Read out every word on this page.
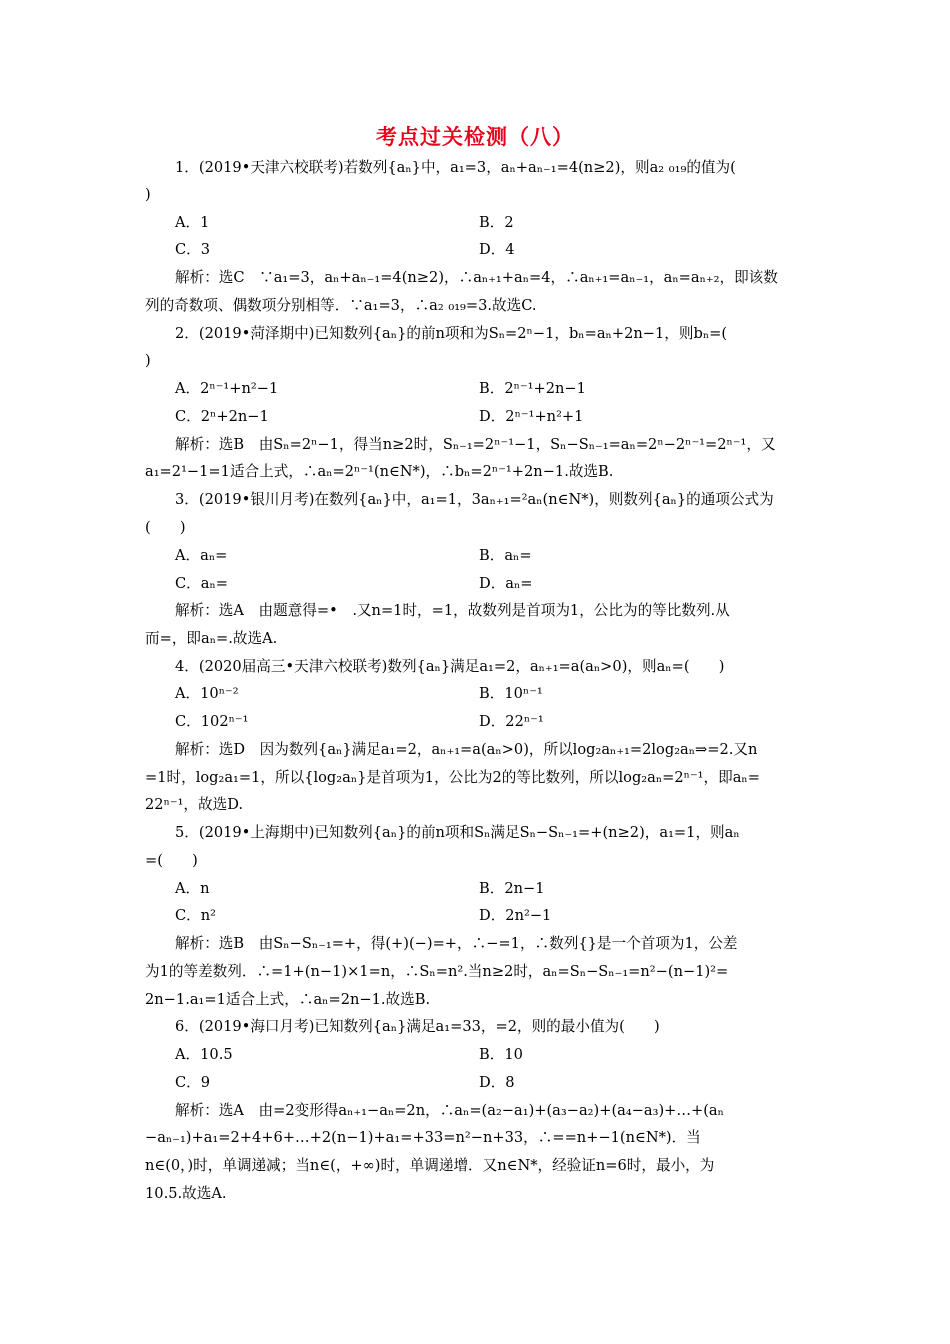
考点过关检测（八）
1．(2019•天津六校联考)若数列{aₙ}中，a₁=3，aₙ+aₙ₋₁=4(n≥2)，则a₂ ₀₁₉的值为(
)
A．1	B．2
C．3	D．4
解析：选C　∵a₁=3，aₙ+aₙ₋₁=4(n≥2)，∴aₙ₊₁+aₙ=4，∴aₙ₊₁=aₙ₋₁，aₙ=aₙ₊₂，即该数
列的奇数项、偶数项分别相等．∵a₁=3，∴a₂ ₀₁₉=3.故选C.
2．(2019•菏泽期中)已知数列{aₙ}的前n项和为Sₙ=2ⁿ−1，bₙ=aₙ+2n−1，则bₙ=(
)
A．2ⁿ⁻¹+n²−1	B．2ⁿ⁻¹+2n−1
C．2ⁿ+2n−1	D．2ⁿ⁻¹+n²+1
解析：选B　由Sₙ=2ⁿ−1，得当n≥2时，Sₙ₋₁=2ⁿ⁻¹−1，Sₙ−Sₙ₋₁=aₙ=2ⁿ−2ⁿ⁻¹=2ⁿ⁻¹，又
a₁=2¹−1=1适合上式，∴aₙ=2ⁿ⁻¹(n∈N*)，∴bₙ=2ⁿ⁻¹+2n−1.故选B.
3．(2019•银川月考)在数列{aₙ}中，a₁=1，3aₙ₊₁=²aₙ(n∈N*)，则数列{aₙ}的通项公式为
(　　)
A．aₙ=	B．aₙ=
C．aₙ=	D．aₙ=
解析：选A　由题意得=•　.又n=1时，=1，故数列是首项为1，公比为的等比数列.从
而=，即aₙ=.故选A.
4．(2020届高三•天津六校联考)数列{aₙ}满足a₁=2，aₙ₊₁=a(aₙ>0)，则aₙ=(　　)
A．10ⁿ⁻²	B．10ⁿ⁻¹
C．102ⁿ⁻¹	D．22ⁿ⁻¹
解析：选D　因为数列{aₙ}满足a₁=2，aₙ₊₁=a(aₙ>0)，所以log₂aₙ₊₁=2log₂aₙ⇒=2.又n
=1时，log₂a₁=1，所以{log₂aₙ}是首项为1，公比为2的等比数列，所以log₂aₙ=2ⁿ⁻¹，即aₙ=
22ⁿ⁻¹，故选D.
5．(2019•上海期中)已知数列{aₙ}的前n项和Sₙ满足Sₙ−Sₙ₋₁=+(n≥2)，a₁=1，则aₙ
=(　　)
A．n	B．2n−1
C．n²	D．2n²−1
解析：选B　由Sₙ−Sₙ₋₁=+，得(+)(−)=+，∴−=1，∴数列{}是一个首项为1，公差
为1的等差数列．∴=1+(n−1)×1=n，∴Sₙ=n².当n≥2时，aₙ=Sₙ−Sₙ₋₁=n²−(n−1)²=
2n−1.a₁=1适合上式，∴aₙ=2n−1.故选B.
6．(2019•海口月考)已知数列{aₙ}满足a₁=33，=2，则的最小值为(　　)
A．10.5	B．10
C．9	D．8
解析：选A　由=2变形得aₙ₊₁−aₙ=2n，∴aₙ=(a₂−a₁)+(a₃−a₂)+(a₄−a₃)+…+(aₙ
−aₙ₋₁)+a₁=2+4+6+…+2(n−1)+a₁=+33=n²−n+33，∴==n+−1(n∈N*)．当
n∈(0，)时，单调递减；当n∈(，+∞)时，单调递增．又n∈N*，经验证n=6时，最小，为
10.5.故选A.
